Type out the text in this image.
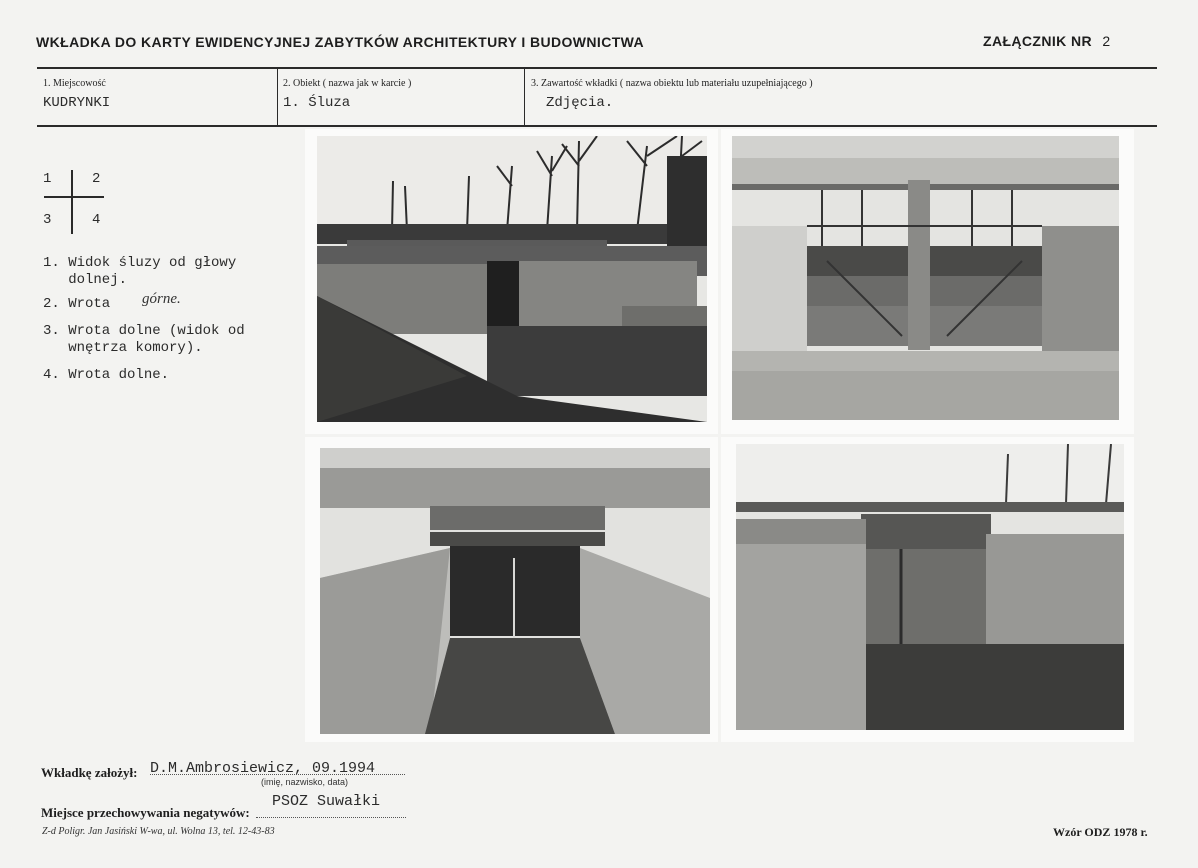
WKŁADKA DO KARTY EWIDENCYJNEJ ZABYTKÓW ARCHITEKTURY I BUDOWNICTWA	ZAŁĄCZNIK NR 2
1. Miejscowość
KUDRYNKI
2. Obiekt ( nazwa jak w karcie )
1. Śluza
3. Zawartość wkładki ( nazwa obiektu lub materiału uzupełniającego )
Zdjęcia.
1	2
3	4
1. Widok śluzy od głowy
dolnej.
2. Wrota górne.
3. Wrota dolne (widok od
wnętrza komory).
4. Wrota dolne.
Wkładkę założył: D.M.Ambrosiewicz, 09.1994
(imię, nazwisko, data)
Miejsce przechowywania negatywów:
PSOZ Suwałki
Z-d Poligr. Jan Jasiński W-wa, ul. Wolna 13, tel. 12-43-83	Wzór ODZ 1978 r.
